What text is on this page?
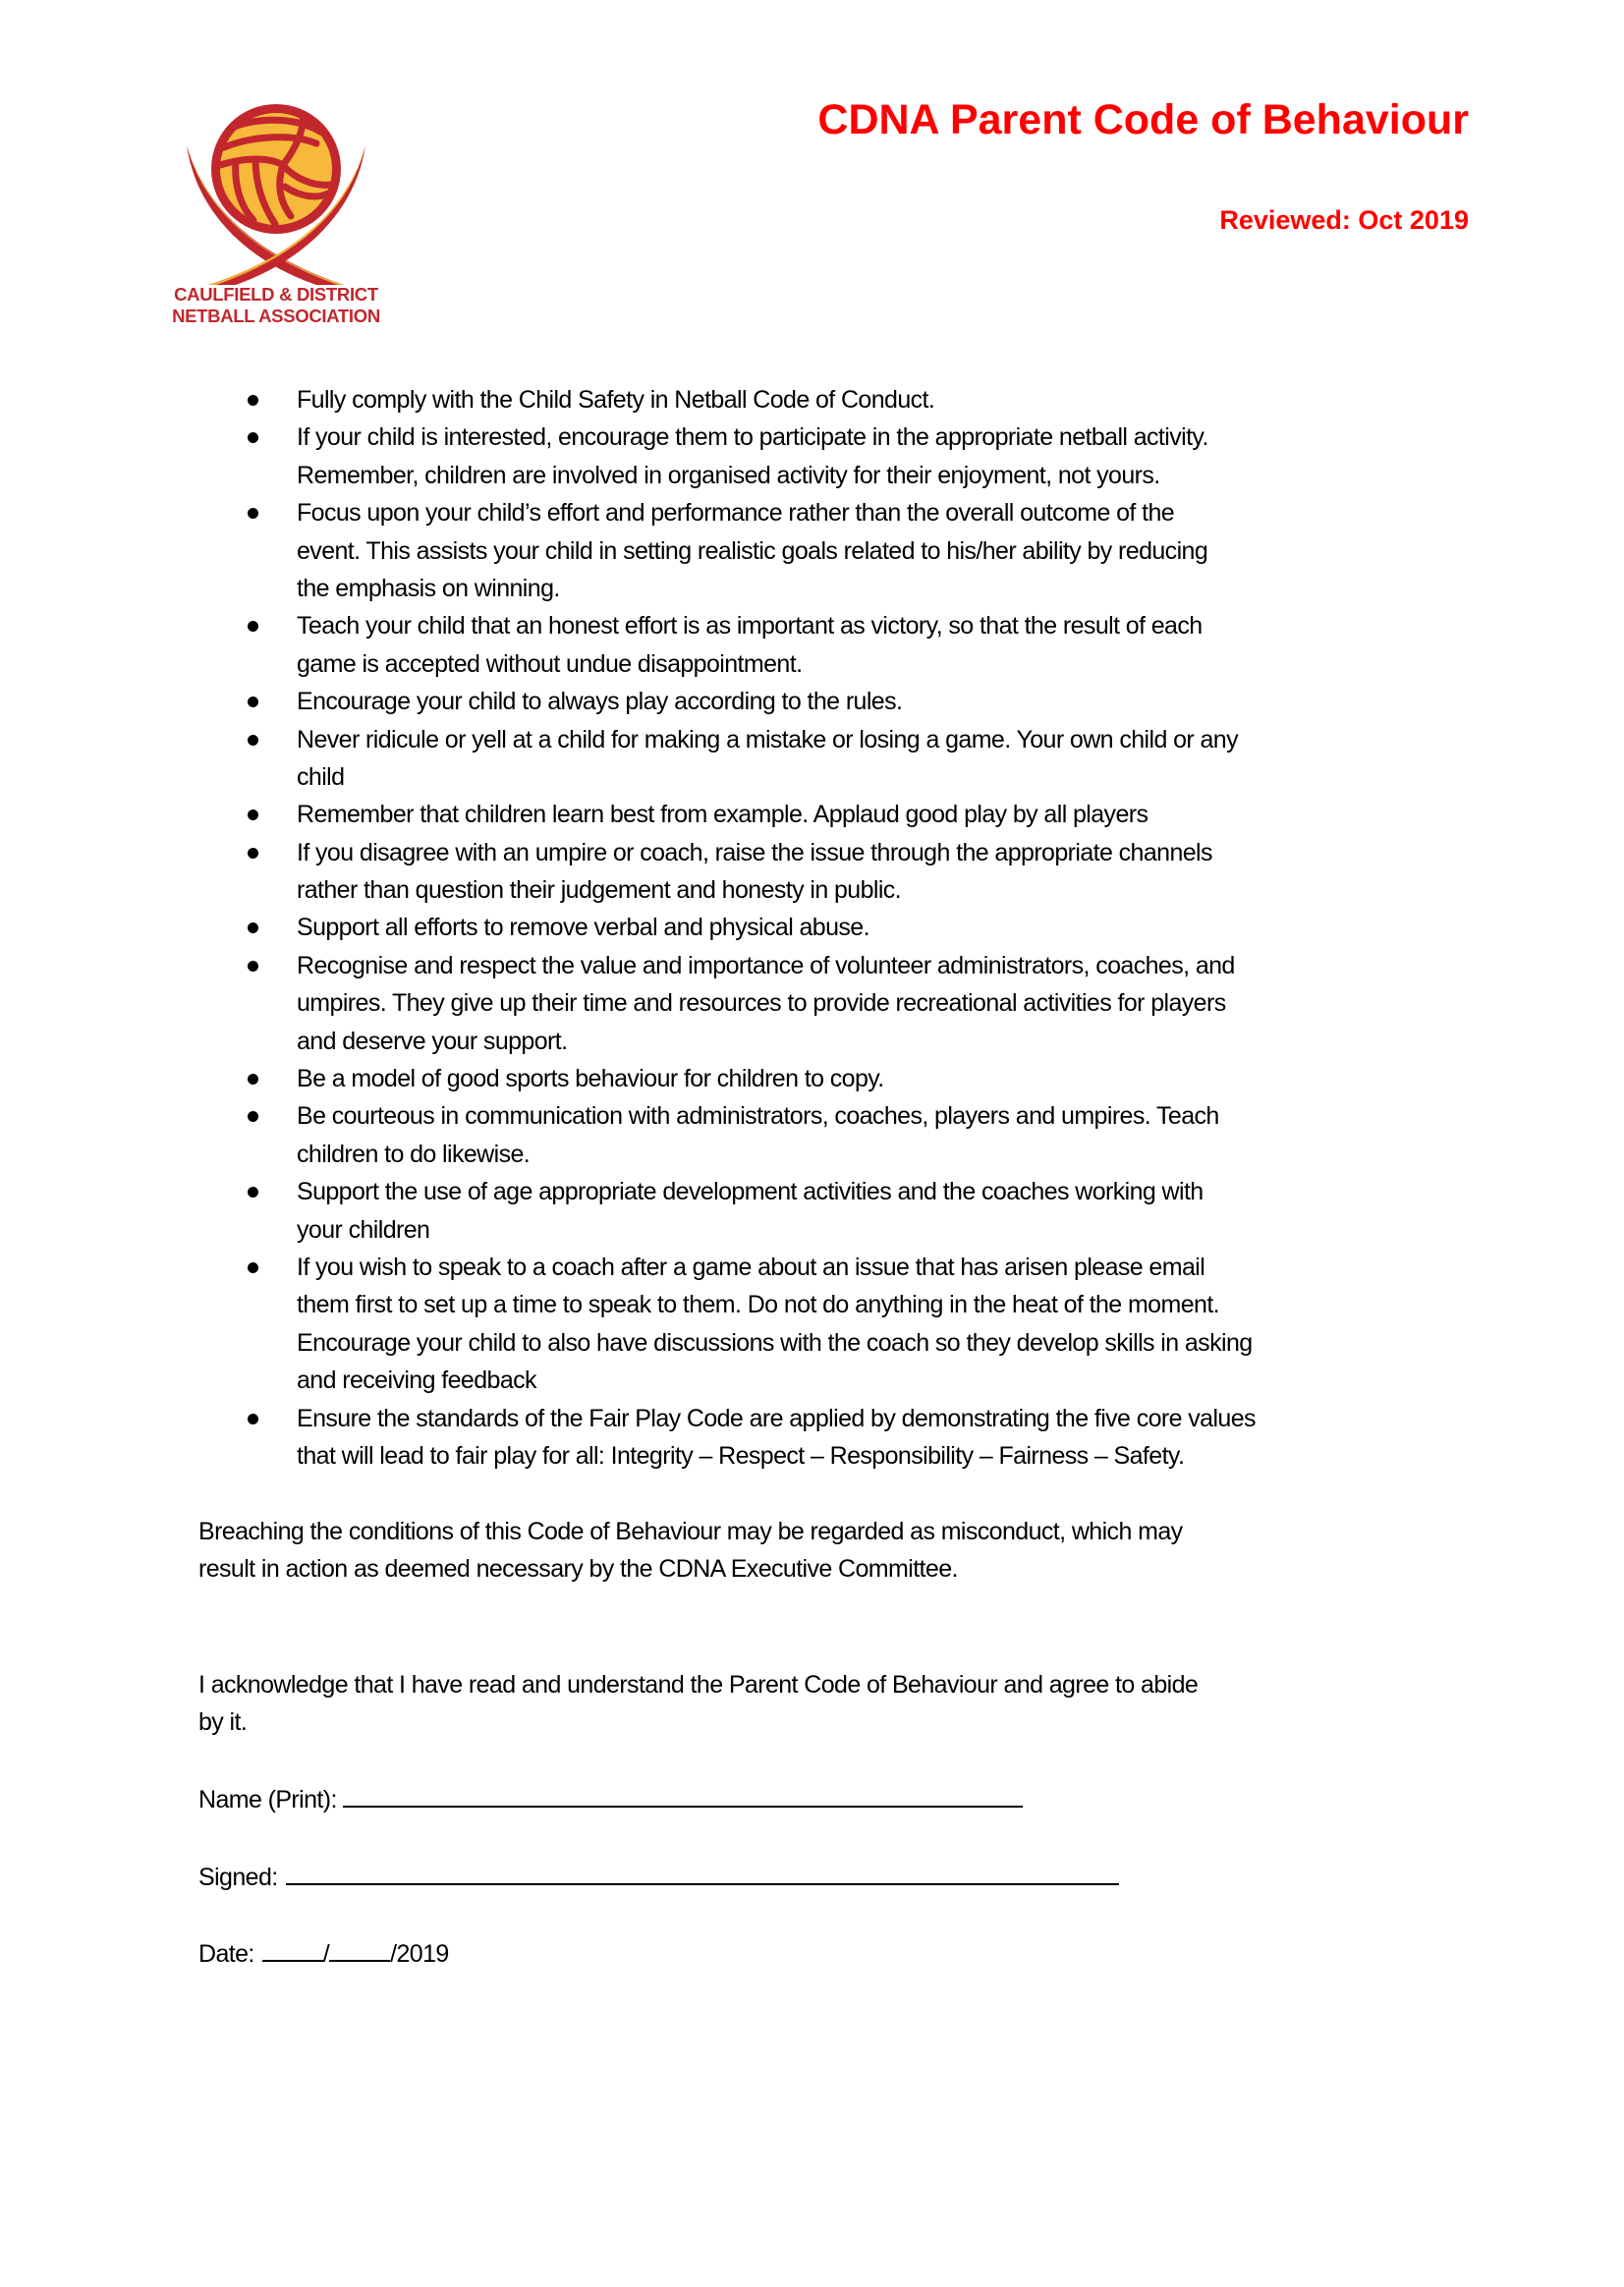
CAULFIELD & DISTRICT
NETBALL ASSOCIATION
CDNA Parent Code of Behaviour
Reviewed: Oct 2019
Fully comply with the Child Safety in Netball Code of Conduct.
If your child is interested, encourage them to participate in the appropriate netball activity.
Remember, children are involved in organised activity for their enjoyment, not yours.
Focus upon your child’s effort and performance rather than the overall outcome of the
event. This assists your child in setting realistic goals related to his/her ability by reducing
the emphasis on winning.
Teach your child that an honest effort is as important as victory, so that the result of each
game is accepted without undue disappointment.
Encourage your child to always play according to the rules.
Never ridicule or yell at a child for making a mistake or losing a game. Your own child or any
child
Remember that children learn best from example. Applaud good play by all players
If you disagree with an umpire or coach, raise the issue through the appropriate channels
rather than question their judgement and honesty in public.
Support all efforts to remove verbal and physical abuse.
Recognise and respect the value and importance of volunteer administrators, coaches, and
umpires. They give up their time and resources to provide recreational activities for players
and deserve your support.
Be a model of good sports behaviour for children to copy.
Be courteous in communication with administrators, coaches, players and umpires. Teach
children to do likewise.
Support the use of age appropriate development activities and the coaches working with
your children
If you wish to speak to a coach after a game about an issue that has arisen please email
them first to set up a time to speak to them. Do not do anything in the heat of the moment.
Encourage your child to also have discussions with the coach so they develop skills in asking
and receiving feedback
Ensure the standards of the Fair Play Code are applied by demonstrating the five core values
that will lead to fair play for all: Integrity – Respect – Responsibility – Fairness – Safety.
Breaching the conditions of this Code of Behaviour may be regarded as misconduct, which may
result in action as deemed necessary by the CDNA Executive Committee.
I acknowledge that I have read and understand the Parent Code of Behaviour and agree to abide
by it.
Name (Print):
Signed:
Date:	/ /2019
